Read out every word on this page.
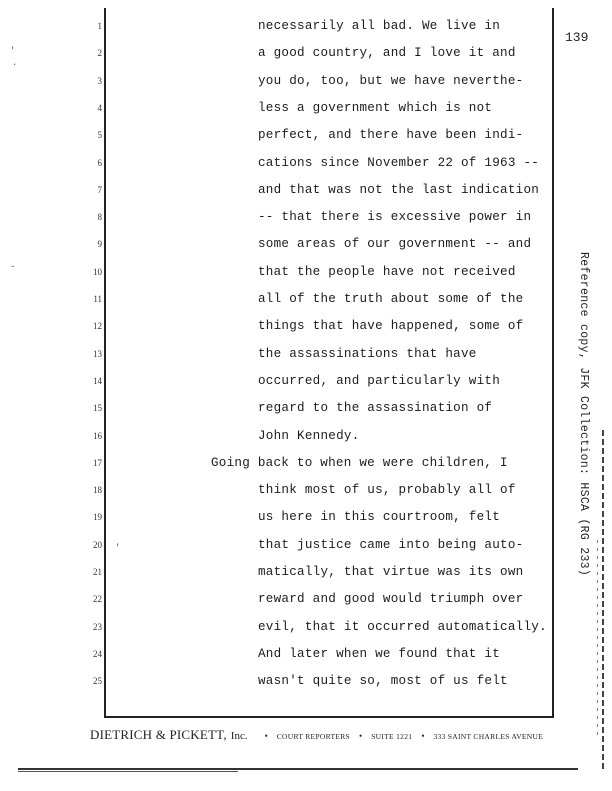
139
1
2
3
4
5
6
7
8
9
10
11
12
13
14
15
16
17
18
19
20
21
22
23
24
25
necessarily all bad. We live in
a good country, and I love it and
you do, too, but we have neverthe-
less a government which is not
perfect, and there have been indi-
cations since November 22 of 1963 --
and that was not the last indication
-- that there is excessive power in
some areas of our government -- and
that the people have not received
all of the truth about some of the
things that have happened, some of
the assassinations that have
occurred, and particularly with
regard to the assassination of
John Kennedy.
Going back to when we were children, I
think most of us, probably all of
us here in this courtroom, felt
that justice came into being auto-
matically, that virtue was its own
reward and good would triumph over
evil, that it occurred automatically.
And later when we found that it
wasn't quite so, most of us felt
Reference copy, JFK Collection: HSCA (RG 233)
DIETRICH & PICKETT, Inc. • COURT REPORTERS • SUITE 1221 • 333 SAINT CHARLES AVENUE
'
.
-
'
